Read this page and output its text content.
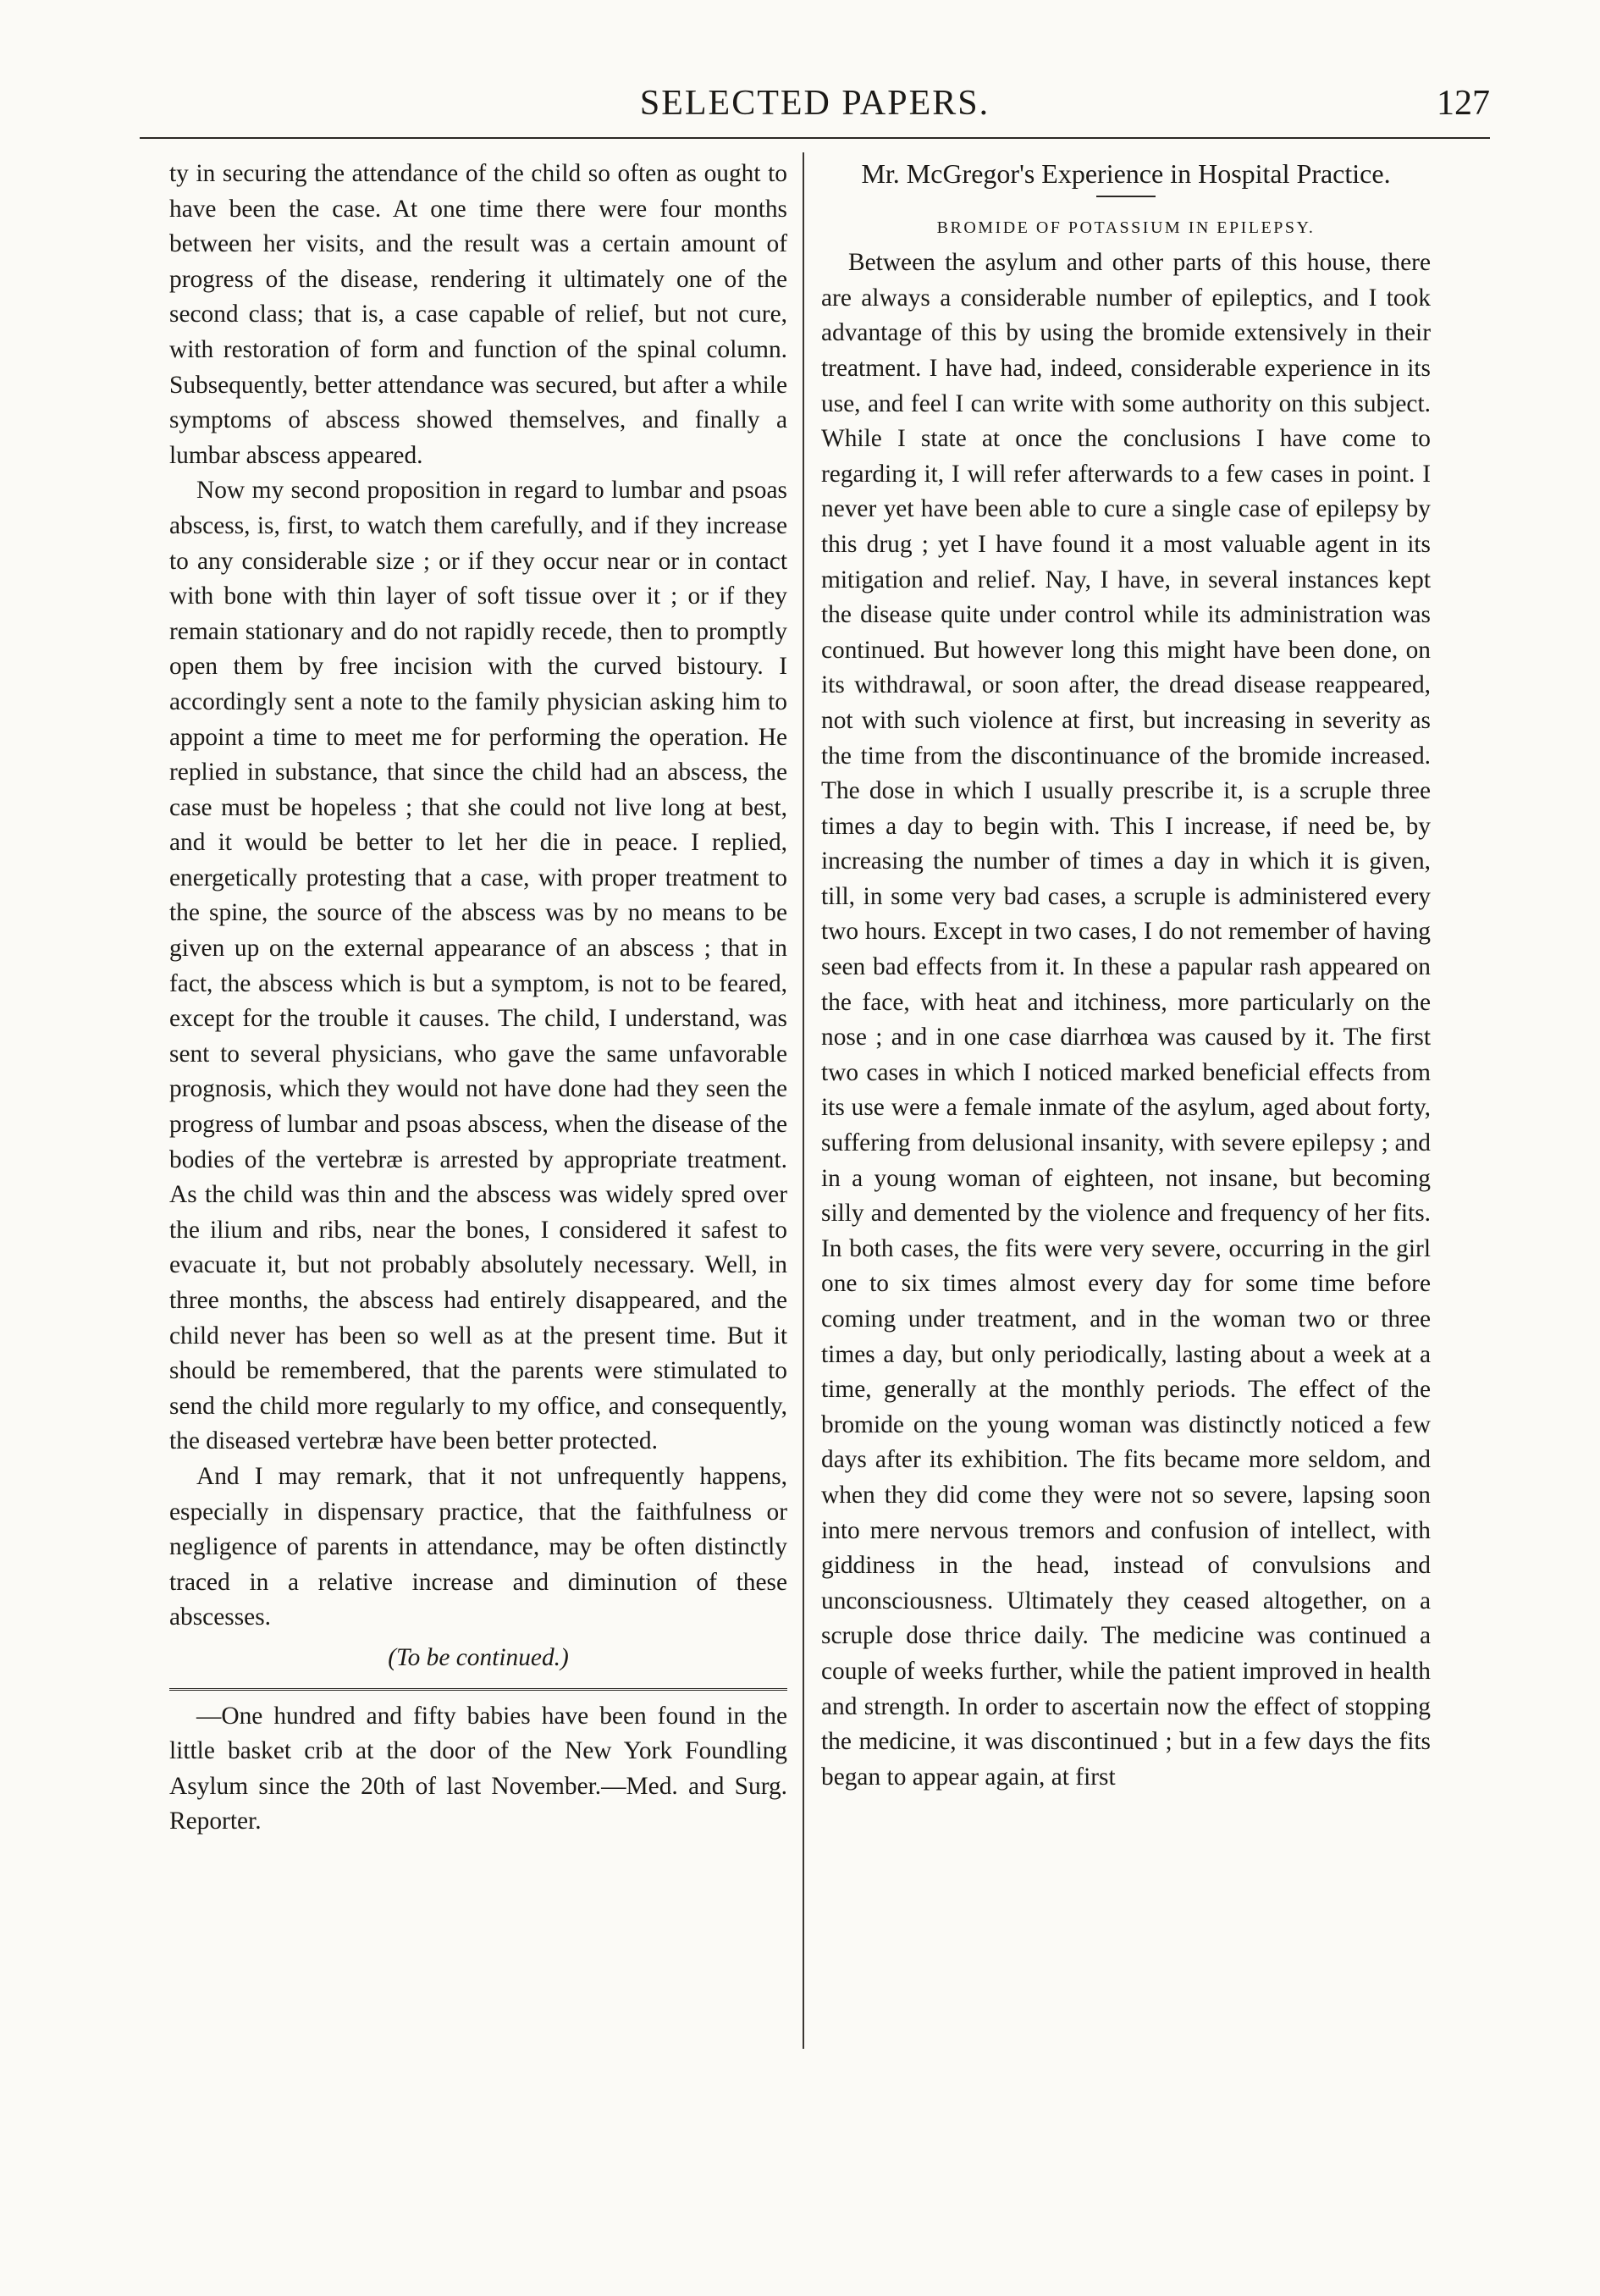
SELECTED PAPERS.	127

ty in securing the attendance of the child so often as ought to have been the case. At one time there were four months between her visits, and the result was a certain amount of progress of the disease, rendering it ultimately one of the second class; that is, a case capable of relief, but not cure, with restoration of form and function of the spinal column. Subsequently, better attendance was secured, but after a while symptoms of abscess showed themselves, and finally a lumbar abscess appeared.

Now my second proposition in regard to lumbar and psoas abscess, is, first, to watch them carefully, and if they increase to any considerable size ; or if they occur near or in contact with bone with thin layer of soft tissue over it ; or if they remain stationary and do not rapidly recede, then to promptly open them by free incision with the curved bistoury. I accordingly sent a note to the family physician asking him to appoint a time to meet me for performing the operation. He replied in substance, that since the child had an abscess, the case must be hopeless ; that she could not live long at best, and it would be better to let her die in peace. I replied, energetically protesting that a case, with proper treatment to the spine, the source of the abscess was by no means to be given up on the external appearance of an abscess ; that in fact, the abscess which is but a symptom, is not to be feared, except for the trouble it causes. The child, I understand, was sent to several physicians, who gave the same unfavorable prognosis, which they would not have done had they seen the progress of lumbar and psoas abscess, when the disease of the bodies of the vertebræ is arrested by appropriate treatment. As the child was thin and the abscess was widely spred over the ilium and ribs, near the bones, I considered it safest to evacuate it, but not probably absolutely necessary. Well, in three months, the abscess had entirely disappeared, and the child never has been so well as at the present time. But it should be remembered, that the parents were stimulated to send the child more regularly to my office, and consequently, the diseased vertebræ have been better protected.

And I may remark, that it not unfrequently happens, especially in dispensary practice, that the faithfulness or negligence of parents in attendance, may be often distinctly traced in a relative increase and diminution of these abscesses.

(To be continued.)

—One hundred and fifty babies have been found in the little basket crib at the door of the New York Foundling Asylum since the 20th of last November.—Med. and Surg. Reporter.

Mr. McGregor's Experience in Hospital Practice.

BROMIDE OF POTASSIUM IN EPILEPSY.

Between the asylum and other parts of this house, there are always a considerable number of epileptics, and I took advantage of this by using the bromide extensively in their treatment. I have had, indeed, considerable experience in its use, and feel I can write with some authority on this subject. While I state at once the conclusions I have come to regarding it, I will refer afterwards to a few cases in point. I never yet have been able to cure a single case of epilepsy by this drug ; yet I have found it a most valuable agent in its mitigation and relief. Nay, I have, in several instances kept the disease quite under control while its administration was continued. But however long this might have been done, on its withdrawal, or soon after, the dread disease reappeared, not with such violence at first, but increasing in severity as the time from the discontinuance of the bromide increased. The dose in which I usually prescribe it, is a scruple three times a day to begin with. This I increase, if need be, by increasing the number of times a day in which it is given, till, in some very bad cases, a scruple is administered every two hours. Except in two cases, I do not remember of having seen bad effects from it. In these a papular rash appeared on the face, with heat and itchiness, more particularly on the nose ; and in one case diarrhœa was caused by it. The first two cases in which I noticed marked beneficial effects from its use were a female inmate of the asylum, aged about forty, suffering from delusional insanity, with severe epilepsy ; and in a young woman of eighteen, not insane, but becoming silly and demented by the violence and frequency of her fits. In both cases, the fits were very severe, occurring in the girl one to six times almost every day for some time before coming under treatment, and in the woman two or three times a day, but only periodically, lasting about a week at a time, generally at the monthly periods. The effect of the bromide on the young woman was distinctly noticed a few days after its exhibition. The fits became more seldom, and when they did come they were not so severe, lapsing soon into mere nervous tremors and confusion of intellect, with giddiness in the head, instead of convulsions and unconsciousness. Ultimately they ceased altogether, on a scruple dose thrice daily. The medicine was continued a couple of weeks further, while the patient improved in health and strength. In order to ascertain now the effect of stopping the medicine, it was discontinued ; but in a few days the fits began to appear again, at first
